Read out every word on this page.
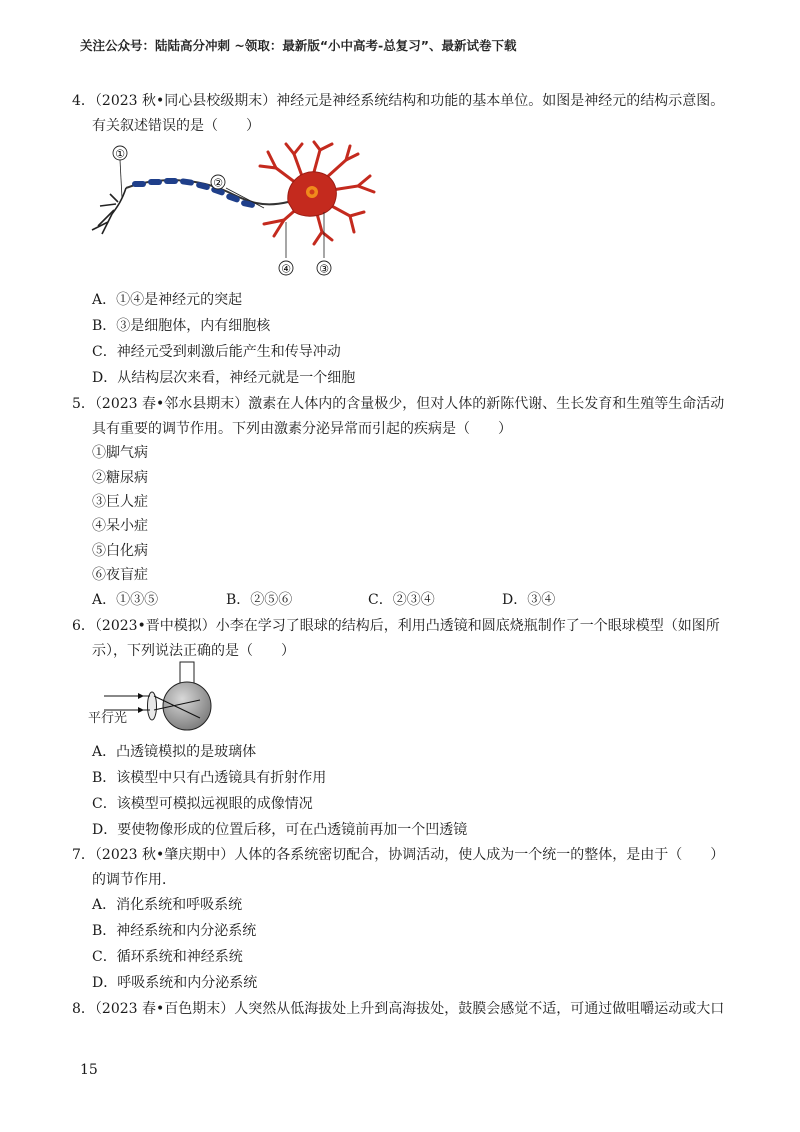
关注公众号：陆陆高分冲刺 ~领取：最新版“小中高考-总复习”、最新试卷下载
4．（2023 秋•同心县校级期末）神经元是神经系统结构和功能的基本单位。如图是神经元的结构示意图。
有关叙述错误的是（　　）
①
②
④	③
A．①④是神经元的突起
B．③是细胞体，内有细胞核
C．神经元受到刺激后能产生和传导冲动
D．从结构层次来看，神经元就是一个细胞
5．（2023 春•邻水县期末）激素在人体内的含量极少，但对人体的新陈代谢、生长发育和生殖等生命活动
具有重要的调节作用。下列由激素分泌异常而引起的疾病是（　　）
①脚气病
②糖尿病
③巨人症
④呆小症
⑤白化病
⑥夜盲症
A．①③⑤	B．②⑤⑥	C．②③④	D．③④
6．（2023•晋中模拟）小李在学习了眼球的结构后，利用凸透镜和圆底烧瓶制作了一个眼球模型（如图所
示），下列说法正确的是（　　）
平行光
A．凸透镜模拟的是玻璃体
B．该模型中只有凸透镜具有折射作用
C．该模型可模拟远视眼的成像情况
D．要使物像形成的位置后移，可在凸透镜前再加一个凹透镜
7．（2023 秋•肇庆期中）人体的各系统密切配合，协调活动，使人成为一个统一的整体，是由于（　　）
的调节作用．
A．消化系统和呼吸系统
B．神经系统和内分泌系统
C．循环系统和神经系统
D．呼吸系统和内分泌系统
8．（2023 春•百色期末）人突然从低海拔处上升到高海拔处，鼓膜会感觉不适，可通过做咀嚼运动或大口
15
